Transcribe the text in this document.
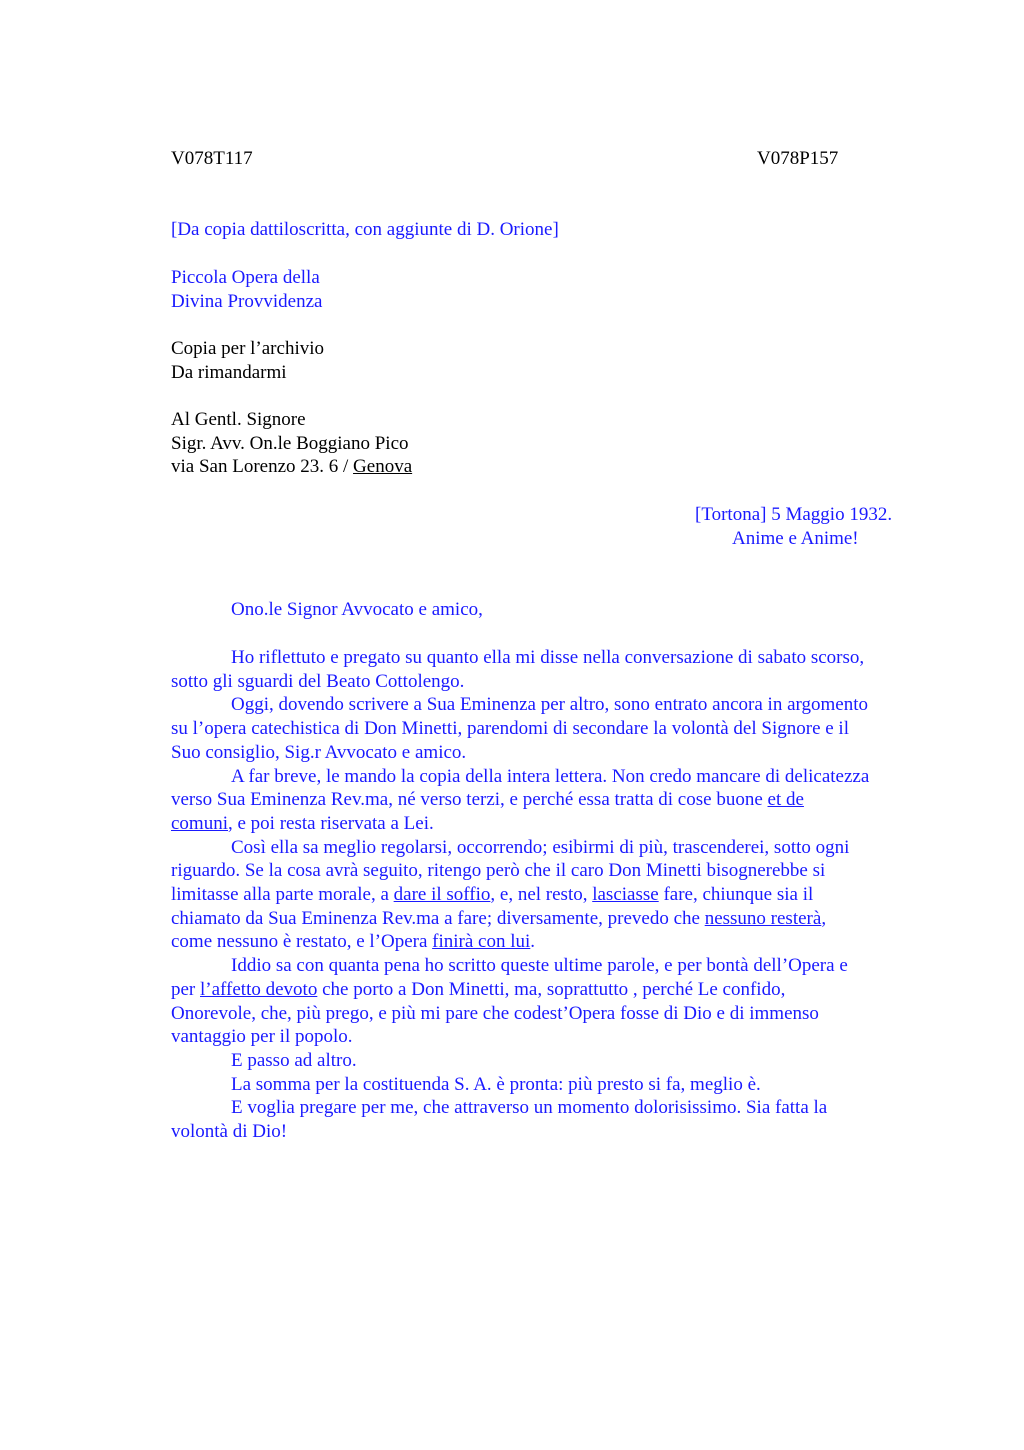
V078T117	V078P157
[Da copia dattiloscritta, con aggiunte di D. Orione]
Piccola Opera della
Divina Provvidenza
Copia per l’archivio
Da rimandarmi
Al Gentl. Signore
Sigr. Avv. On.le Boggiano Pico
via San Lorenzo 23. 6 / Genova
[Tortona] 5 Maggio 1932.
Anime e Anime!
Ono.le Signor Avvocato e amico,
Ho riflettuto e pregato su quanto ella mi disse nella conversazione di sabato scorso,
sotto gli sguardi del Beato Cottolengo.
Oggi, dovendo scrivere a Sua Eminenza per altro, sono entrato ancora in argomento
su l’opera catechistica di Don Minetti, parendomi di secondare la volontà del Signore e il
Suo consiglio, Sig.r Avvocato e amico.
A far breve, le mando la copia della intera lettera. Non credo mancare di delicatezza
verso Sua Eminenza Rev.ma, né verso terzi, e perché essa tratta di cose buone et de
comuni, e poi resta riservata a Lei.
Così ella sa meglio regolarsi, occorrendo; esibirmi di più, trascenderei, sotto ogni
riguardo. Se la cosa avrà seguito, ritengo però che il caro Don Minetti bisognerebbe si
limitasse alla parte morale, a dare il soffio, e, nel resto, lasciasse fare, chiunque sia il
chiamato da Sua Eminenza Rev.ma a fare; diversamente, prevedo che nessuno resterà,
come nessuno è restato, e l’Opera finirà con lui.
Iddio sa con quanta pena ho scritto queste ultime parole, e per bontà dell’Opera e
per l’affetto devoto che porto a Don Minetti, ma, soprattutto , perché Le confido,
Onorevole, che, più prego, e più mi pare che codest’Opera fosse di Dio e di immenso
vantaggio per il popolo.
E passo ad altro.
La somma per la costituenda S. A. è pronta: più presto si fa, meglio è.
E voglia pregare per me, che attraverso un momento dolorisissimo. Sia fatta la
volontà di Dio!
